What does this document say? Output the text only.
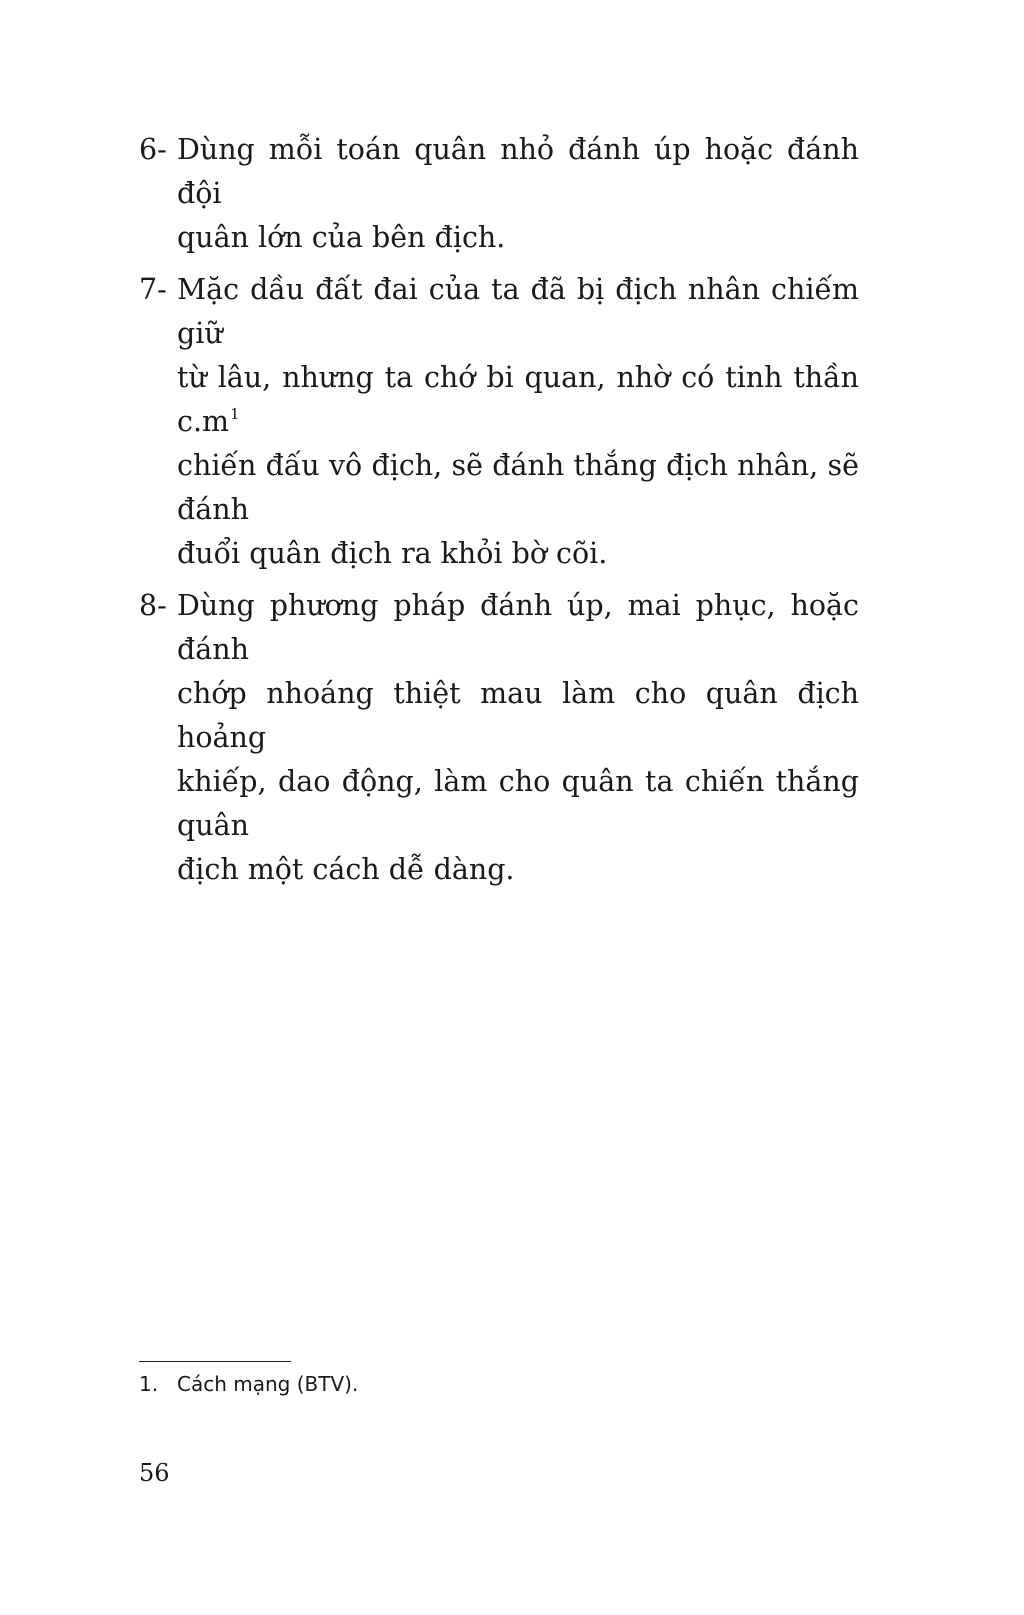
6- Dùng mỗi toán quân nhỏ đánh úp hoặc đánh đội
quân lớn của bên địch.
7- Mặc dầu đất đai của ta đã bị địch nhân chiếm giữ
từ lâu, nhưng ta chớ bi quan, nhờ có tinh thần c.m$^1$
chiến đấu vô địch, sẽ đánh thắng địch nhân, sẽ đánh
đuổi quân địch ra khỏi bờ cõi.
8- Dùng phương pháp đánh úp, mai phục, hoặc đánh
chớp nhoáng thiệt mau làm cho quân địch hoảng
khiếp, dao động, làm cho quân ta chiến thắng quân
địch một cách dễ dàng.
1. Cách mạng (BTV).
56
